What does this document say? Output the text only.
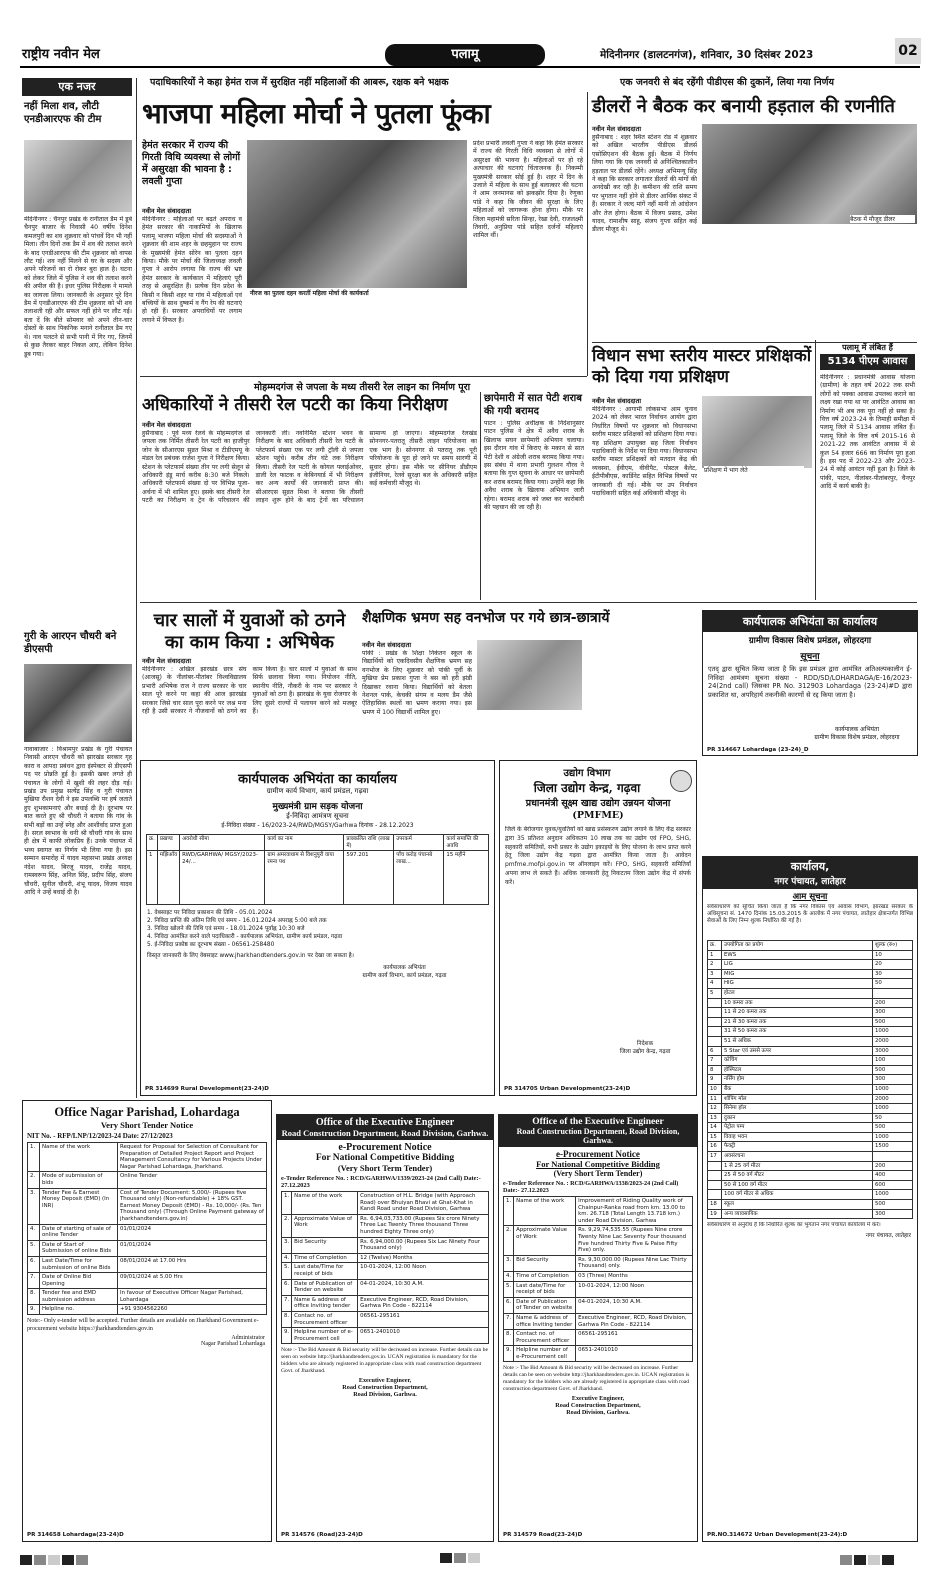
राष्ट्रीय नवीन मेल	पलामू	मेदिनीनगर (डालटनगंज), शनिवार, 30 दिसंबर 2023	02
पदाधिकारियों ने कहा हेमंत राज में सुरक्षित नहीं महिलाओं की आबरू, रक्षक बने भक्षक	एक जनवरी से बंद रहेंगी पीडीएस की दुकानें, लिया गया निर्णय
एक नजर
नहीं मिला शव, लौटी एनडीआरएफ की टीम
मेदिनीनगर : चैनपुर प्रखंड के रानीताल डैम में डूबे चैनपुर बाजार के निवासी 40 वर्षीय दिनेश कमलपुरी का शव शुक्रवार को पांचवें दिन भी नहीं मिला। तीन दिनों तक डैम में शव की तलाश करने के बाद एनडीआरएफ की टीम शुक्रवार को वापस लौट गई। शव नहीं मिलने से घर के सदस्य और अपने परिजनों का रो रोकर बुरा हाल है। घटना को लेकर जिले में पुलिस ने शव की तलाश करने की अपील की है। इधर पुलिस निरीक्षक ने मामले का जायजा लिया। जानकारी के अनुसार पूरे दिन डैम में एनडीआरएफ की टीम शुक्रवार को भी शव तलाशती रही और सफल नहीं होने पर लौट गई। बता दें कि बीते सोमवार को अपने तीन-चार दोस्तों के साथ पिकनिक मनाने रानीताल डैम गए थे। नाव पलटने से सभी पानी में गिर गए, जिनमें से कुछ तैरकर बाहर निकल आए, लेकिन दिनेश डूब गया।
गुरी के आरएन चौधरी बने डीएसपी
नावाबाजार : विश्रामपुर प्रखंड के गुरी पंचायत निवासी आरएन चौधरी को झारखंड सरकार गृह कारा व आपदा प्रबंधन द्वारा इंस्पेक्टर से डीएसपी पद पर प्रोन्नति हुई है। इसकी खबर लगते ही पंचायत के लोगों में खुशी की लहर दौड़ गई। प्रखंड उप प्रमुख सत्येंद्र सिंह व गुरी पंचायत मुखिया रौशन देवी ने इस उपलब्धि पर हर्ष जताते हुए शुभकामनाएं और बधाई दी है। दूरभाष पर बात करते हुए श्री चौधरी ने बताया कि गांव के सभी बड़ों का उन्हें स्नेह और आशीर्वाद प्राप्त हुआ है। सरल स्वभाव के धनी श्री चौधरी गांव के साथ ही क्षेत्र में काफी लोकप्रिय हैं। उनके पंचायत में भव्य स्वागत का निर्णय भी लिया गया है। इस सम्मान समारोह में यादव महासभा प्रखंड अध्यक्ष नंदेश यादव, बिरजू यादव, राजेंद्र यादव, रामस्वरूप सिंह, अनिल सिंह, प्रदीप सिंह, संजय चौधरी, सुनील चौधरी, शंभू यादव, विजय यादव आदि ने उन्हें बधाई दी है।
भाजपा महिला मोर्चा ने पुतला फूंका
हेमंत सरकार में राज्य की गिरती विधि व्यवस्था से लोगों में असुरक्षा की भावना है : लवली गुप्ता
नवीन मेल संवाददाता
मेदिनीनगर : महिलाओं पर बढ़ते अपराध व हेमंत सरकार की नाकामियों के खिलाफ पलामू भाजपा महिला मोर्चा की सदस्याओं ने शुक्रवार की शाम शहर के छहमुहान पर राज्य के मुख्यमंत्री हेमंत सोरेन का पुतला दहन किया। मौके पर मोर्चा की जिलाध्यक्ष लवली गुप्ता ने आरोप लगाया कि राज्य की भ्रष्ट हेमंत सरकार के कार्यकाल में महिलाएं पूरी तरह से असुरक्षित हैं। प्रत्येक दिन प्रदेश के किसी न किसी शहर या गांव में महिलाओं एवं बच्चियों के साथ दुष्कर्म व गैंग रेप की घटनाएं हो रही हैं। सरकार अपराधियों पर लगाम लगाने में विफल है।
नीरज का पुतला दहन करतीं महिला मोर्चा की कार्यकर्ता
प्रदेश प्रभारी लवली गुप्ता ने कहा कि हेमंत सरकार में राज्य की गिरती विधि व्यवस्था से लोगों में असुरक्षा की भावना है। महिलाओं पर हो रहे अत्याचार की घटनाएं चिंताजनक हैं। निकम्मी मुख्यमंत्री सरकार सोई हुई है। शहर में दिन के उजाले में महिला के साथ हुई बलात्कार की घटना ने आम जनमानस को झकझोर दिया है। रेणुका पांडे ने कहा कि जीवन की सुरक्षा के लिए महिलाओं को जागरूक होना होगा। मौके पर जिला महामंत्री सरिता सिन्हा, रेखा देवी, राजलक्ष्मी तिवारी, अनुप्रिया पांडे सहित दर्जनों महिलाएं शामिल थीं।
डीलरों ने बैठक कर बनायी हड़ताल की रणनीति
नवीन मेल संवाददाता
हुसैनाबाद : शहर स्थित स्टेशन रोड में शुक्रवार को अखिल भारतीय पीडीएस डीलर्स एसोसिएशन की बैठक हुई। बैठक में निर्णय लिया गया कि एक जनवरी से अनिश्चितकालीन हड़ताल पर डीलर्स रहेंगे। अध्यक्ष अभिमन्यु सिंह ने कहा कि सरकार लगातार डीलरों की मांगों की अनदेखी कर रही है। कमीशन की राशि समय पर भुगतान नहीं होने से डीलर आर्थिक संकट में हैं। सरकार ने जल्द मांगें नहीं मानी तो आंदोलन और तेज होगा। बैठक में विजय प्रसाद, उमेश यादव, रामाशीष साहू, संजय गुप्ता सहित कई डीलर मौजूद थे।
बैठक में मौजूद डीलर
विधान सभा स्तरीय मास्टर प्रशिक्षकों को दिया गया प्रशिक्षण
नवीन मेल संवाददाता
मेदिनीनगर : आगामी लोकसभा आम चुनाव 2024 को लेकर भारत निर्वाचन आयोग द्वारा निर्धारित विषयों पर शुक्रवार को विधानसभा स्तरीय मास्टर प्रशिक्षकों को प्रशिक्षण दिया गया। यह प्रशिक्षण उपायुक्त सह जिला निर्वाचन पदाधिकारी के निर्देश पर दिया गया। विधानसभा स्तरीय मास्टर प्रशिक्षकों को मतदान केंद्र की व्यवस्था, ईवीएम, वीवीपैट, पोस्टल बैलेट, ईटीपीबीएस, कार्डिनेट सहित विभिन्न विषयों पर जानकारी दी गई। मौके पर उप निर्वाचन पदाधिकारी सहित कई अधिकारी मौजूद थे।
प्रशिक्षण में भाग लेते
पलामू में लंबित हैं
5134 पीएम आवास
मेदिनीनगर : प्रधानमंत्री आवास योजना (ग्रामीण) के तहत वर्ष 2022 तक सभी लोगों को पक्का आवास उपलब्ध कराने का लक्ष्य रखा गया था पर आवंटित आवास का निर्माण भी अब तक पूरा नहीं हो सका है। वित्त वर्ष 2023-24 के तिमाही समीक्षा में पलामू जिले में 5134 आवास लंबित हैं। पलामू जिले के वित्त वर्ष 2015-16 से 2021-22 तक आवंटित आवास में से कुल 54 हजार 666 का निर्माण पूरा हुआ है। इस पद में 2022-23 और 2023-24 में कोई आवंटन नहीं हुआ है। जिले के पांकी, पाटन, नीलांबर-पीतांबरपुर, चैनपुर आदि में कार्य बाकी है।
मोहम्मदगंज से जपला के मध्य तीसरी रेल लाइन का निर्माण पूरा
अधिकारियों ने तीसरी रेल पटरी का किया निरीक्षण
नवीन मेल संवाददाता
हुसैनाबाद : पूर्व मध्य रेलवे के मोहम्मदगंज से जपला तक निर्मित तीसरी रेल पटरी का हाजीपुर जोन के सीआरएस सुव्रत मिश्रा व टीडीएमयू के मंडल रेल प्रबंधक राजेश गुप्ता ने निरीक्षण किया। स्टेशन के प्लेटफार्म संख्या तीन पर लगी सेलून से अधिकारी इंडू मार्च करीब 8:30 बजे निकले। अधिकारी प्लेटफार्म संख्या दो पर विभिन्न पूजा-अर्चना में भी शामिल हुए। इसके बाद तीसरी रेल पटरी का निरीक्षण व ट्रेन के परिचालन की जानकारी ली। नवनिर्मित स्टेशन भवन के निरीक्षण के बाद अधिकारी तीसरी रेल पटरी के प्लेटफार्म संख्या एक पर लगी ट्रॉली से जपला स्टेशन पहुंचे। करीब तीन घंटे तक निरीक्षण किया। तीसरी रेल पटरी के कोयल फ्लाईओवर, डाली रेल फाटक व केबिनयार्ड में भी निरीक्षण कर अन्य कार्यों की जानकारी प्राप्त की। सीआरएस सुव्रत मिश्रा ने बताया कि तीसरी लाइन शुरू होने के बाद ट्रेनों का परिचालन सामान्य हो जाएगा। मोहम्मदगंज रेलखंड सोननगर-पतरातू तीसरी लाइन परियोजना का एक भाग है। सोननगर से पतरातू तक पूरी परियोजना के पूरा हो जाने पर समय सारणी में सुधार होगा। इस मौके पर सीनियर डीडीएम इंजीनियर, रेलवे सुरक्षा बल के अधिकारी सहित कई कर्मचारी मौजूद थे।
छापेमारी में सात पेटी शराब की गयी बरामद
पाटन : पुलिस अधीक्षक के निर्देशानुसार पाटन पुलिस ने क्षेत्र में अवैध शराब के खिलाफ सघन छापेमारी अभियान चलाया। इस दौरान गांव में किराए के मकान से सात पेटी देशी व अंग्रेजी शराब बरामद किया गया। इस संबंध में थाना प्रभारी गुलशन गौरव ने बताया कि गुप्त सूचना के आधार पर छापेमारी कर शराब बरामद किया गया। उन्होंने कहा कि अवैध शराब के खिलाफ अभियान जारी रहेगा। बरामद शराब को जब्त कर कारोबारी की पहचान की जा रही है।
चार सालों में युवाओं को ठगने का काम किया : अभिषेक
नवीन मेल संवाददाता
मेदिनीनगर : अखिल झारखंड छात्र संघ (आजसू) के नीलांबर-पीतांबर विश्वविद्यालय प्रभारी अभिषेक राज ने राज्य सरकार के चार साल पूरे करने पर कहा की आज झारखंड सरकार जिसे चार साल पूरा करने पर जश्न मना रही है उसी सरकार ने नौजवानों को ठगने का काम किया है। चार सालों में युवाओं के साथ सिर्फ छलावा किया गया। नियोजन नीति, स्थानीय नीति, नौकरी के नाम पर सरकार ने युवाओं को ठगा है। झारखंड के युवा रोजगार के लिए दूसरे राज्यों में पलायन करने को मजबूर हैं।
शैक्षणिक भ्रमण सह वनभोज पर गये छात्र-छात्रायें
नवीन मेल संवाददाता
पांकी : प्रखंड के शिक्षा निकेतन स्कूल के विद्यार्थियों को एकदिवसीय शैक्षणिक भ्रमण सह वनभोज के लिए शुक्रवार को पांकी पूर्वी के मुखिया प्रेम प्रकाश गुप्ता ने बस को हरी झंडी दिखाकर रवाना किया। विद्यार्थियों को बेतला नेशनल पार्क, केचकी संगम व मलय डैम जैसे ऐतिहासिक स्थलों का भ्रमण कराया गया। इस भ्रमण में 100 विद्यार्थी शामिल हुए।
कार्यपालक अभियंता का कार्यालय
ग्रामीण विकास विशेष प्रमंडल, लोहरदगा
सूचना
एतद् द्वारा सूचित किया जाता है कि इस प्रमंडल द्वारा आमंत्रित अतिअल्पकालीन ई-निविदा आमंत्रण सूचना संख्या - RDD/SD/LOHARDAGA/E-16/2023-24(2nd call) जिसका PR No. 312903 Lohardaga (23-24)#D द्वारा प्रकाशित था, अपरिहार्य तकनीकी कारणों से रद्द किया जाता है।
कार्यपालक अभियंता
ग्रामीण विकास विशेष प्रमंडल, लोहरदगा
PR 314667 Lohardaga (23-24)_D
कार्यपालक अभियंता का कार्यालय
ग्रामीण कार्य विभाग, कार्य प्रमंडल, गढ़वा
मुख्यमंत्री ग्राम सड़क योजना
ई-निविदा आमंत्रण सूचना
ई-निविदा संख्या - 16/2023-24/RWD/MGSY/Garhwa दिनांक - 28.12.2023
क्र.	प्रखण्ड	अवरोधी सीमा	कार्य का नाम	प्राक्कलित राशि (लाख में)	उपरकर्म	कार्य समाप्ति की अवधि
1	मझिआँव	RWD/GARHWA/ MGSY/2023-24/...	ग्राम अमरवाधाम से विशनुपुरी वाया रमना पथ	597.201	पाँच करोड़ पंचानबे लाख...	15 महीने
1. वेबसाइट पर निविदा प्रकाशन की तिथि - 05.01.2024
2. निविदा प्राप्ति की अंतिम तिथि एवं समय - 16.01.2024 अपराह्न 5:00 बजे तक
3. निविदा खोलने की तिथि एवं समय - 18.01.2024 पूर्वाह्न 10:30 बजे
4. निविदा आमंत्रित करने वाले पदाधिकारी - कार्यपालक अभियंता, ग्रामीण कार्य प्रमंडल, गढ़वा
5. ई-निविदा प्रकोष्ठ का दूरभाष संख्या - 06561-258480
विस्तृत जानकारी के लिए वेबसाइट www.jharkhandtenders.gov.in पर देखा जा सकता है।
कार्यपालक अभियंता
ग्रामीण कार्य विभाग, कार्य प्रमंडल, गढ़वा
PR 314699 Rural Development(23-24)D
उद्योग विभाग
जिला उद्योग केन्द्र, गढ़वा
प्रधानमंत्री सूक्ष्म खाद्य उद्योग उन्नयन योजना (PMFME)
जिले के बेरोजगार युवक/युवतियों को खाद्य प्रसंस्करण उद्योग लगाने के लिए केंद्र सरकार द्वारा 35 प्रतिशत अनुदान अधिकतम 10 लाख तक का उद्योग एवं FPO, SHG, सहकारी समितियों, सभी प्रकार के उद्योग इकाइयों के लिए योजना के लाभ प्राप्त करने हेतु जिला उद्योग केंद्र गढ़वा द्वारा आमंत्रित किया जाता है। आवेदन pmfme.mofpi.gov.in पर ऑनलाइन करें। FPO, SHG, सहकारी समितियाँ अपना लाभ ले सकते हैं। अधिक जानकारी हेतु निकटतम जिला उद्योग केंद्र में संपर्क करें।
निदेशक
जिला उद्योग केन्द्र, गढ़वा
PR 314705 Urban Development(23-24)D
कार्यालय,
नगर पंचायत, लातेहार
आम सूचना
सर्वसाधारण को सूचित किया जाता है कि नगर विकास एवं आवास विभाग, झारखंड सरकार के अधिसूचना सं. 1470 दिनांक 15.03.2015 के आलोक में नगर पंचायत, लातेहार क्षेत्रान्तर्गत विभिन्न सेवाओं के लिए निम्न शुल्क निर्धारित की गई है।
क्र.	उपयोगिता का प्रयोग	शुल्क (रु०)
1	EWS	10
2	LIG	20
3	MIG	30
4	HIG	50
5	होटल	
	10 कमरा तक	200
	11 से 20 कमरा तक	300
	21 से 30 कमरा तक	500
	31 से 50 कमरा तक	1000
	51 से अधिक	2000
6	5 Star एवं उससे ऊपर	3000
7	कोचिंग	100
8	हॉस्पिटल	500
9	नर्सिंग होम	300
10	बैंक	1000
11	शॉपिंग मॉल	2000
12	सिनेमा हॉल	1000
13	दुकान	50
14	पेट्रोल पम्प	500
15	विवाह भवन	1000
16	फैक्ट्री	1500
17	अवसंरचना	
	1 से 25 वर्ग मीटर	200
	25 से 50 वर्ग मीटर	400
	50 से 100 वर्ग मीटर	600
	100 वर्ग मीटर से अधिक	1000
18	स्कूल	500
19	अन्य व्यावसायिक	300
सर्वसाधारण से अनुरोध है कि निर्धारित शुल्क का भुगतान नगर पंचायत कार्यालय में करें।
नगर पंचायत, लातेहार
PR.NO.314672 Urban Development(23-24):D
Office Nagar Parishad, Lohardaga
Very Short Tender Notice
NIT No. - RFP/LNP/12/2023-24 Date: 27/12/2023
1.	Name of the work	Request for Proposal for Selection of Consultant for Preparation of Detailed Project Report and Project Management Consultancy for Various Projects Under Nagar Parishad Lohardaga, Jharkhand.
2.	Mode of submission of bids	Online Tender
3.	Tender Fee & Earnest Money Deposit (EMD) (In INR)	Cost of Tender Document: 5,000/- (Rupees five Thousand only) (Non-refundable) + 18% GST. Earnest Money Deposit (EMD) - Rs. 10,000/- (Rs. Ten Thousand only) (Through Online Payment gateway of jharkhandtenders.gov.in)
4.	Date of starting of sale of online Tender	01/01/2024
5.	Date of Start of Submission of online Bids	01/01/2024
6.	Last Date/Time for submission of online Bids	08/01/2024 at 17.00 Hrs
7.	Date of Online Bid Opening	09/01/2024 at 5.00 Hrs
8.	Tender fee and EMD submission address	In favour of Executive Officer Nagar Parishad, Lohardaga
9.	Helpline no.	+91 9304562260
Note:- Only e-tender will be accepted. Further details are available on Jharkhand Government e-procurement website https://jharkhandtenders.gov.in
Administrator
Nagar Parishad Lohardaga
PR 314658 Lohardaga(23-24)D
Office of the Executive Engineer
Road Construction Department, Road Division, Garhwa.
e-Procurement Notice
For National Competitive Bidding
(Very Short Term Tender)
e-Tender Reference No. : RCD/GARHWA/1339/2023-24 (2nd Call) Date:- 27.12.2023
1.	Name of the work	Construction of H.L. Bridge (with Approach Road) over Bhuiyan Bhavi at Ghat-Khat in Kandi Road under Road Division, Garhwa
2.	Approximate Value of Work	Rs. 6,94,03,733.00 (Rupees Six crore Ninety Three Lac Twenty Three thousand Three hundred Eighty Three only)
3.	Bid Security	Rs. 6,94,000.00 (Rupees Six Lac Ninety Four Thousand only)
4.	Time of Completion	12 (Twelve) Months
5.	Last date/Time for receipt of bids	10-01-2024, 12:00 Noon
6.	Date of Publication of Tender on website	04-01-2024, 10:30 A.M.
7.	Name & address of office Inviting tender	Executive Engineer, RCD, Road Division, Garhwa Pin Code - 822114
8.	Contact no. of Procurement officer	06561-295161
9.	Helpline number of e-Procurement cell	0651-2401010
Note :- The Bid Amount & Bid security will be decreased on increase. Further details can be seen on website http://jharkhandtenders.gov.in. UCAN registration is mandatory for the bidders who are already registered in appropriate class with road construction department Govt. of Jharkhand.
Executive Engineer,
Road Construction Department,
Road Division, Garhwa.
PR 314576 (Road)23-24)D
Office of the Executive Engineer
Road Construction Department, Road Division, Garhwa.
e-Procurement Notice
For National Competitive Bidding
(Very Short Term Tender)
e-Tender Reference No. : RCD/GARHWA/1338/2023-24 (2nd Call) Date:- 27.12.2023
1.	Name of the work	Improvement of Riding Quality work of Chainpur-Ranka road from km. 13.00 to km. 26.718 (Total Length 13.718 km.) under Road Division, Garhwa
2.	Approximate Value of Work	Rs. 9,29,74,535.55 (Rupees Nine crore Twenty Nine Lac Seventy Four thousand Five hundred Thirty Five & Paise Fifty Five) only.
3.	Bid Security	Rs. 9,30,000.00 (Rupees Nine Lac Thirty Thousand) only.
4.	Time of Completion	03 (Three) Months
5.	Last date/Time for receipt of bids	10-01-2024, 12:00 Noon
6.	Date of Publication of Tender on website	04-01-2024, 10:30 A.M.
7.	Name & address of office Inviting tender	Executive Engineer, RCD, Road Division, Garhwa Pin Code - 822114
8.	Contact no. of Procurement officer	06561-295161
9.	Helpline number of e-Procurement cell	0651-2401010
Note :- The Bid Amount & Bid security will be decreased on increase. Further details can be seen on website http://jharkhandtenders.gov.in. UCAN registration is mandatory for the bidders who are already registered in appropriate class with road construction department Govt. of Jharkhand.
Executive Engineer,
Road Construction Department,
Road Division, Garhwa.
PR 314579 Road(23-24)D
